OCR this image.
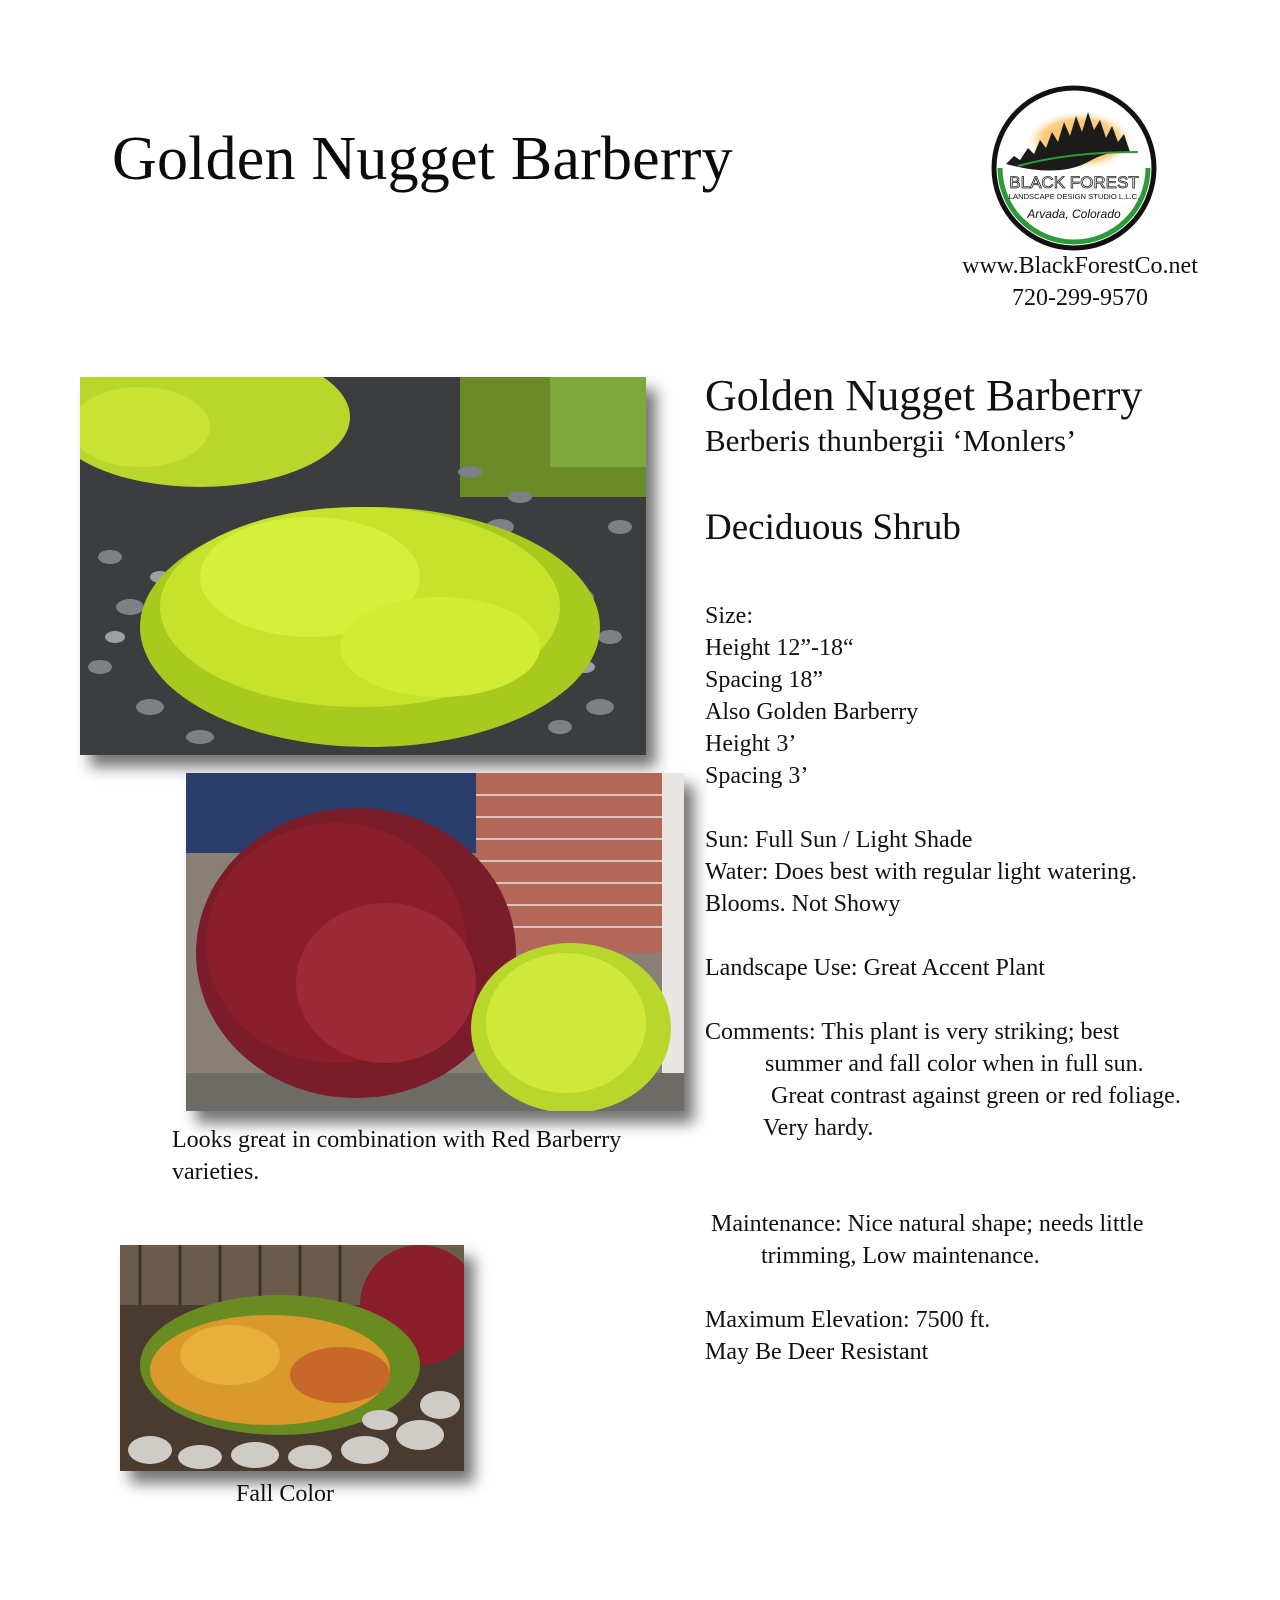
Golden Nugget Barberry	BLACK FOREST
LANDSCAPE DESIGN STUDIO L.L.C.
Arvada, Colorado
www.BlackForestCo.net
720-299-9570
Looks great in combination with Red Barberry varieties.
Fall Color
Golden Nugget Barberry
Berberis thunbergii ‘Monlers’
Deciduous Shrub
Size:
Height 12”-18“
Spacing 18”
Also Golden Barberry
Height 3’
Spacing 3’
Sun: Full Sun / Light Shade
Water: Does best with regular light watering.
Blooms. Not Showy
Landscape Use: Great Accent Plant
Comments: This plant is very striking; best
summer and fall color when in full sun.
Great contrast against green or red foliage.
Very hardy.
Maintenance: Nice natural shape; needs little
trimming, Low maintenance.
Maximum Elevation: 7500 ft.
May Be Deer Resistant
